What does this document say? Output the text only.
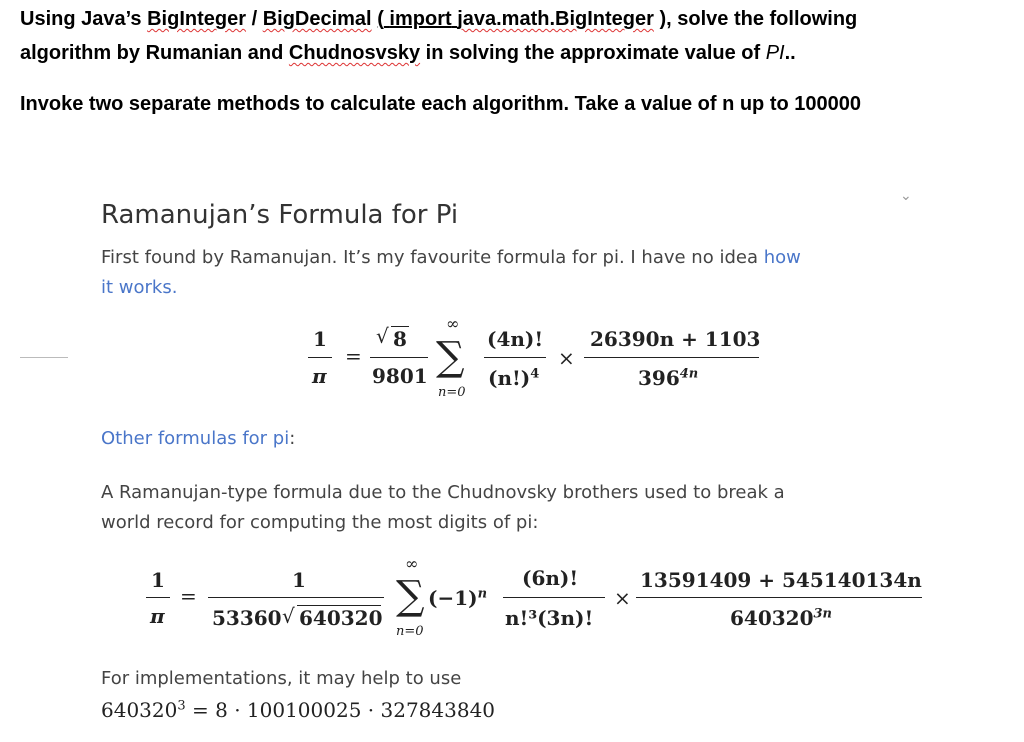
Using Java’s BigInteger / BigDecimal ( import java.math.BigInteger ), solve the following
algorithm by Rumanian and Chudnosvsky in solving the approximate value of PI..
Invoke two separate methods to calculate each algorithm. Take a value of n up to 100000
⌄
Ramanujan’s Formula for Pi
First found by Ramanujan. It’s my favourite formula for pi. I have no idea how
it works.
1
π
=
√ 8
9801
∞
∑
n=0
(4n)!
$(n!)^4$
×
26390n + 1103
$396^{4n}$
Other formulas for pi:
A Ramanujan-type formula due to the Chudnovsky brothers used to break a
world record for computing the most digits of pi:
1
π
=
1
53360 √ 640320
∞
∑
n=0
$(-1)^n$
(6n)!
n!³(3n)!
×
13591409 + 545140134n
$640320^{3n}$
For implementations, it may help to use
$640320^3 = 8 \cdot 100100025 \cdot 327843840$
